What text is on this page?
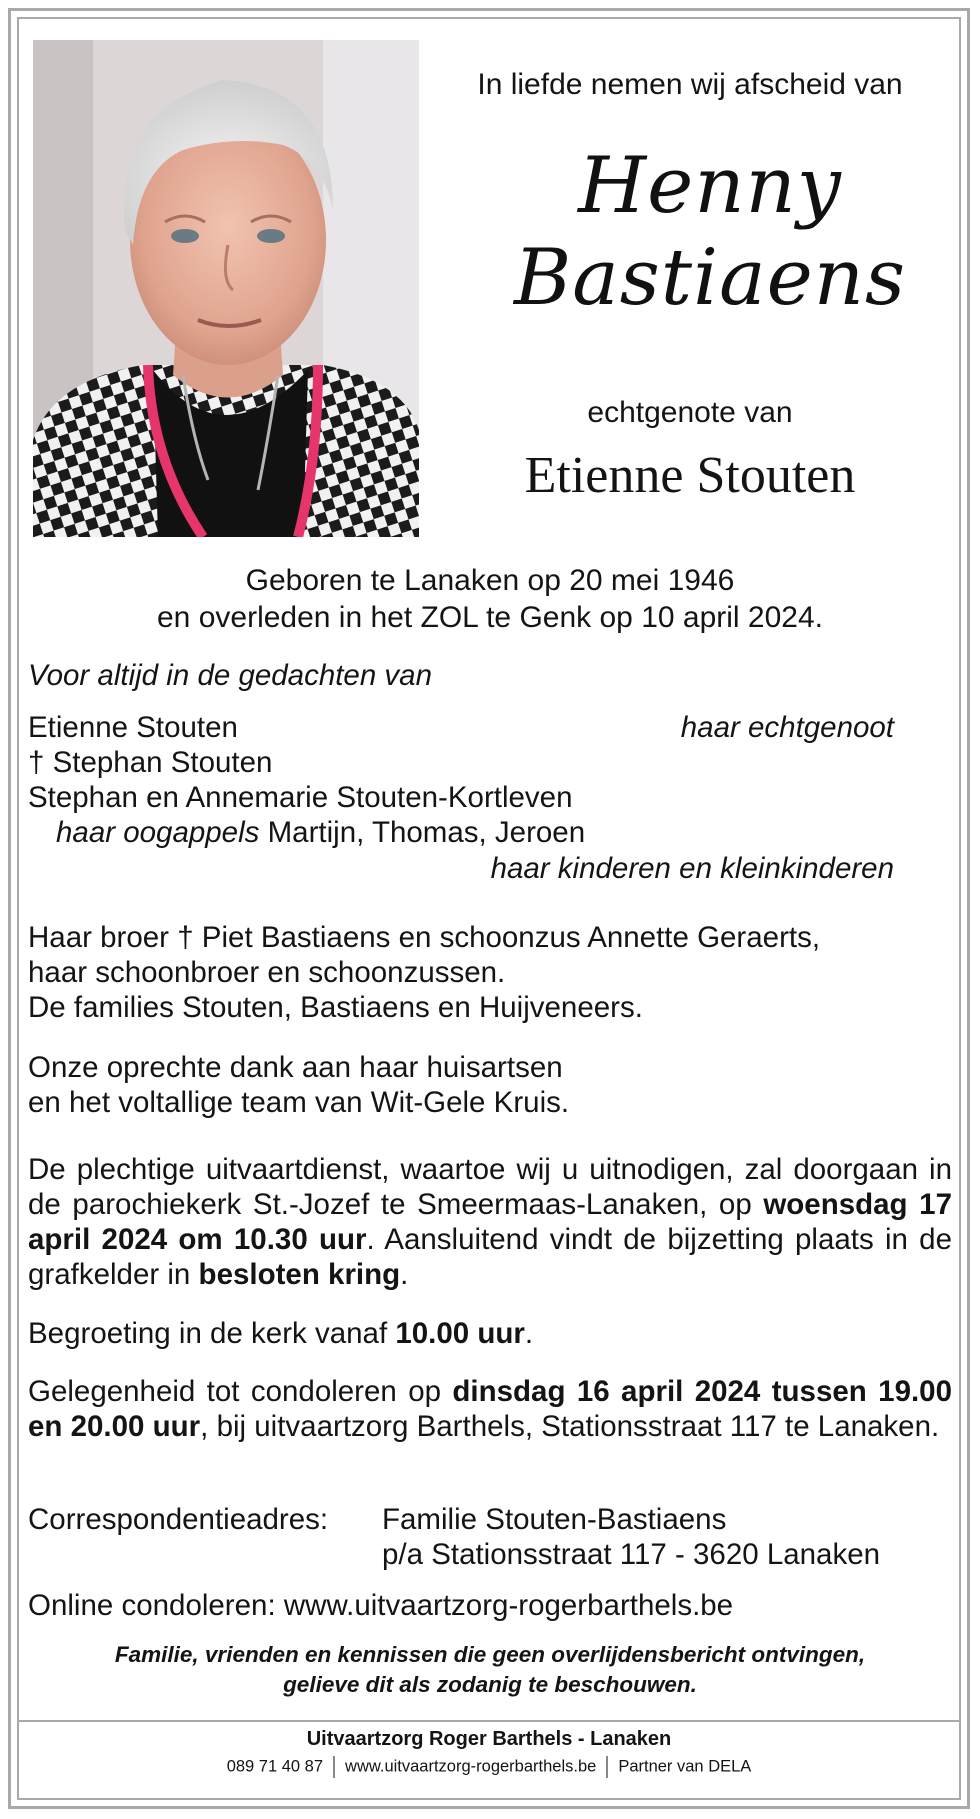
In liefde nemen wij afscheid van
Henny
Bastiaens
echtgenote van
Etienne Stouten
Geboren te Lanaken op 20 mei 1946
en overleden in het ZOL te Genk op 10 april 2024.
Voor altijd in de gedachten van
Etienne Stouten	haar echtgenoot
† Stephan Stouten
Stephan en Annemarie Stouten-Kortleven
haar oogappels Martijn, Thomas, Jeroen
haar kinderen en kleinkinderen
Haar broer † Piet Bastiaens en schoonzus Annette Geraerts,
haar schoonbroer en schoonzussen.
De families Stouten, Bastiaens en Huijveneers.
Onze oprechte dank aan haar huisartsen
en het voltallige team van Wit-Gele Kruis.
De plechtige uitvaartdienst, waartoe wij u uitnodigen, zal doorgaan in de parochiekerk St.-Jozef te Smeermaas-Lanaken, op woensdag 17 april 2024 om 10.30 uur. Aansluitend vindt de bijzetting plaats in de grafkelder in besloten kring.
Begroeting in de kerk vanaf 10.00 uur.
Gelegenheid tot condoleren op dinsdag 16 april 2024 tussen 19.00 en 20.00 uur, bij uitvaartzorg Barthels, Stationsstraat 117 te Lanaken.
Correspondentieadres:	Familie Stouten-Bastiaens
p/a Stationsstraat 117 - 3620 Lanaken
Online condoleren: www.uitvaartzorg-rogerbarthels.be
Familie, vrienden en kennissen die geen overlijdensbericht ontvingen,
gelieve dit als zodanig te beschouwen.
Uitvaartzorg Roger Barthels - Lanaken
089 71 40 87 www.uitvaartzorg-rogerbarthels.be Partner van DELA
